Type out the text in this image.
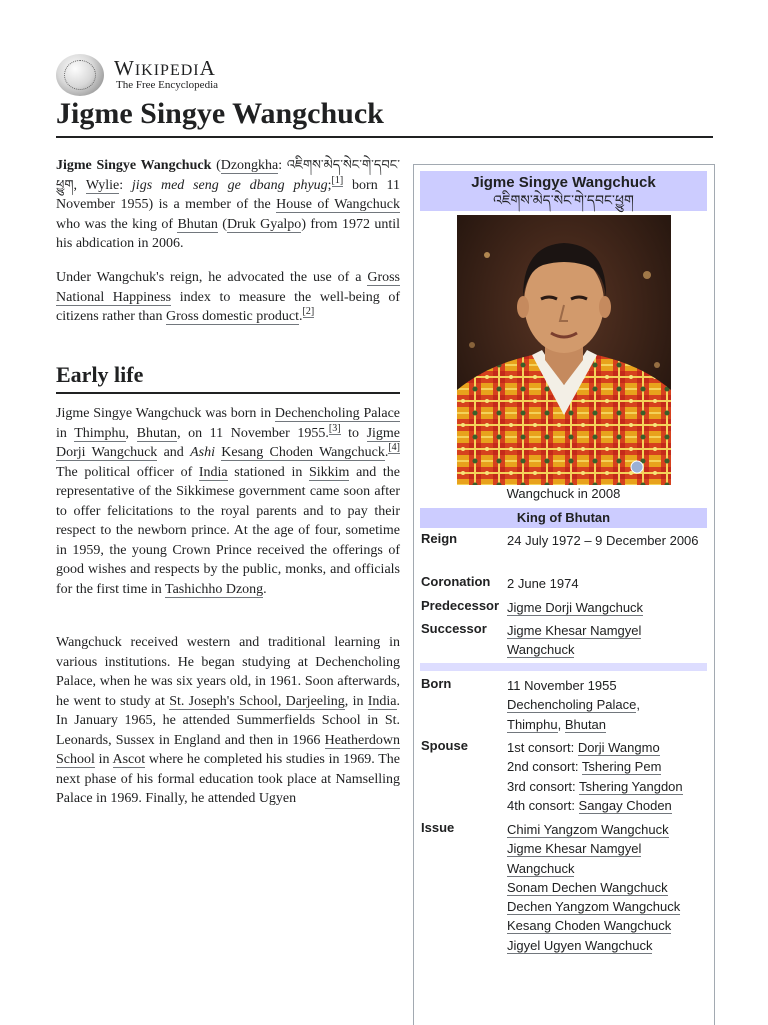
WIKIPEDIA
The Free Encyclopedia
Jigme Singye Wangchuck

Jigme Singye Wangchuck (Dzongkha: འཇིགས་མེད་སེང་གེ་དབང་ཕྱུག, Wylie: jigs med seng ge dbang phyug;[1] born 11 November 1955) is a member of the House of Wangchuck who was the king of Bhutan (Druk Gyalpo) from 1972 until his abdication in 2006.

Under Wangchuk's reign, he advocated the use of a Gross National Happiness index to measure the well-being of citizens rather than Gross domestic product.[2]

Early life

Jigme Singye Wangchuck was born in Dechencholing Palace in Thimphu, Bhutan, on 11 November 1955.[3] to Jigme Dorji Wangchuck and Ashi Kesang Choden Wangchuck.[4] The political officer of India stationed in Sikkim and the representative of the Sikkimese government came soon after to offer felicitations to the royal parents and to pay their respect to the newborn prince. At the age of four, sometime in 1959, the young Crown Prince received the offerings of good wishes and respects by the public, monks, and officials for the first time in Tashichho Dzong.

Wangchuck received western and traditional learning in various institutions. He began studying at Dechencholing Palace, when he was six years old, in 1961. Soon afterwards, he went to study at St. Joseph's School, Darjeeling, in India. In January 1965, he attended Summerfields School in St. Leonards, Sussex in England and then in 1966 Heatherdown School in Ascot where he completed his studies in 1969. The next phase of his formal education took place at Namselling Palace in 1969. Finally, he attended Ugyen

Jigme Singye Wangchuck
འཇིགས་མེད་སེང་གེ་དབང་ཕྱུག
Wangchuck in 2008
King of Bhutan
Reign	24 July 1972 – 9 December 2006
Coronation 2 June 1974
Predecessor Jigme Dorji Wangchuck
Successor Jigme Khesar Namgyel Wangchuck
Born	11 November 1955
Dechencholing Palace,
Thimphu, Bhutan
Spouse	1st consort: Dorji Wangmo
2nd consort: Tshering Pem
3rd consort: Tshering Yangdon
4th consort: Sangay Choden
Issue	Chimi Yangzom Wangchuck
Jigme Khesar Namgyel Wangchuck
Sonam Dechen Wangchuck
Dechen Yangzom Wangchuck
Kesang Choden Wangchuck
Jigyel Ugyen Wangchuck
